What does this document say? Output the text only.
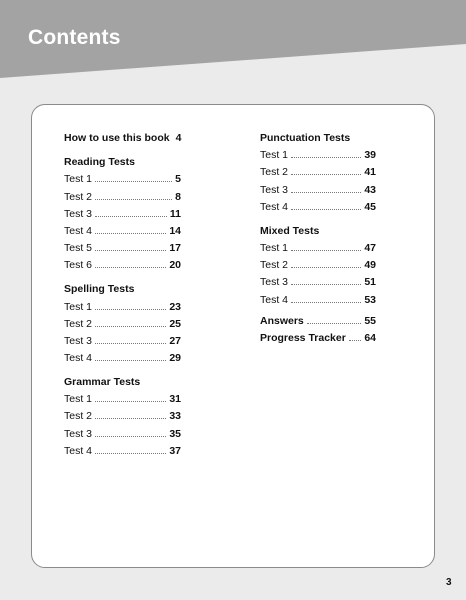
Contents
How to use this book 4
Reading Tests
Test 1	5
Test 2	8
Test 3	11
Test 4	14
Test 5	17
Test 6	20
Spelling Tests
Test 1	23
Test 2	25
Test 3	27
Test 4	29
Grammar Tests
Test 1	31
Test 2	33
Test 3	35
Test 4	37
Punctuation Tests
Test 1	39
Test 2	41
Test 3	43
Test 4	45
Mixed Tests
Test 1	47
Test 2	49
Test 3	51
Test 4	53
Answers	55
Progress Tracker 64
3
